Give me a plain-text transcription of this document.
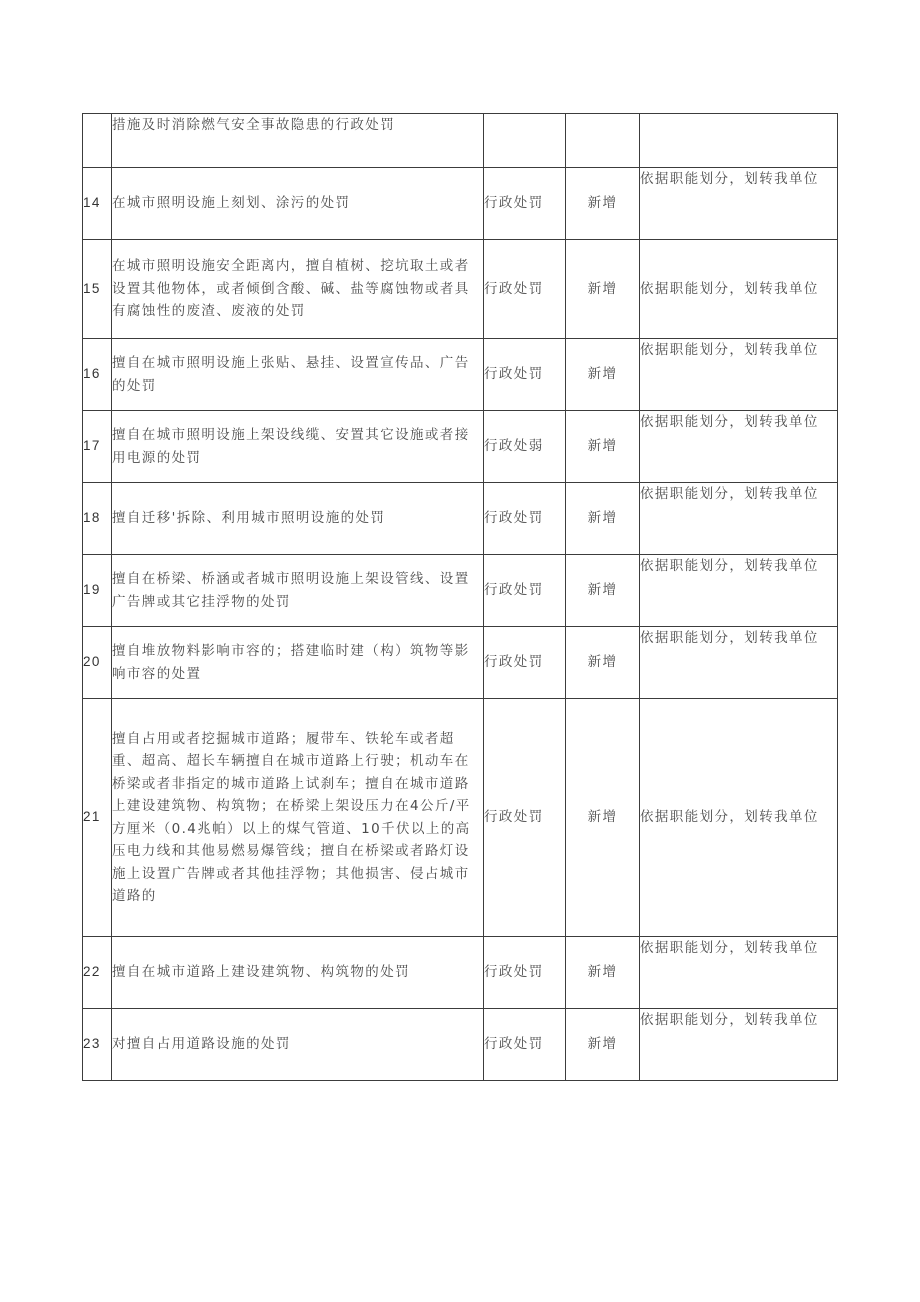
	措施及时消除燃气安全事故隐患的行政处罚			
14	在城市照明设施上刻划、涂污的处罚	行政处罚	新增	依据职能划分，划转我单位
15	在城市照明设施安全距离内，擅自植树、挖坑取土或者设置其他物体，或者倾倒含酸、碱、盐等腐蚀物或者具有腐蚀性的废渣、废液的处罚	行政处罚	新增	依据职能划分，划转我单位
16	擅自在城市照明设施上张贴、悬挂、设置宣传品、广告的处罚	行政处罚	新增	依据职能划分，划转我单位
17	擅自在城市照明设施上架设线缆、安置其它设施或者接用电源的处罚	行政处弱	新增	依据职能划分，划转我单位
18	擅自迁移'拆除、利用城市照明设施的处罚	行政处罚	新增	依据职能划分，划转我单位
19	擅自在桥梁、桥涵或者城市照明设施上架设管线、设置广告牌或其它挂浮物的处罚	行政处罚	新增	依据职能划分，划转我单位
20	擅自堆放物料影响市容的；搭建临时建（构）筑物等影响市容的处置	行政处罚	新增	依据职能划分，划转我单位
21	擅自占用或者挖掘城市道路；履带车、铁轮车或者超重、超高、超长车辆擅自在城市道路上行驶；机动车在桥梁或者非指定的城市道路上试刹车；擅自在城市道路上建设建筑物、构筑物；在桥梁上架设压力在4公斤/平方厘米（0.4兆帕）以上的煤气管道、10千伏以上的高压电力线和其他易燃易爆管线；擅自在桥梁或者路灯设施上设置广告牌或者其他挂浮物；其他损害、侵占城市道路的	行政处罚	新增	依据职能划分，划转我单位
22	擅自在城市道路上建设建筑物、构筑物的处罚	行政处罚	新增	依据职能划分，划转我单位
23	对擅自占用道路设施的处罚	行政处罚	新增	依据职能划分，划转我单位
